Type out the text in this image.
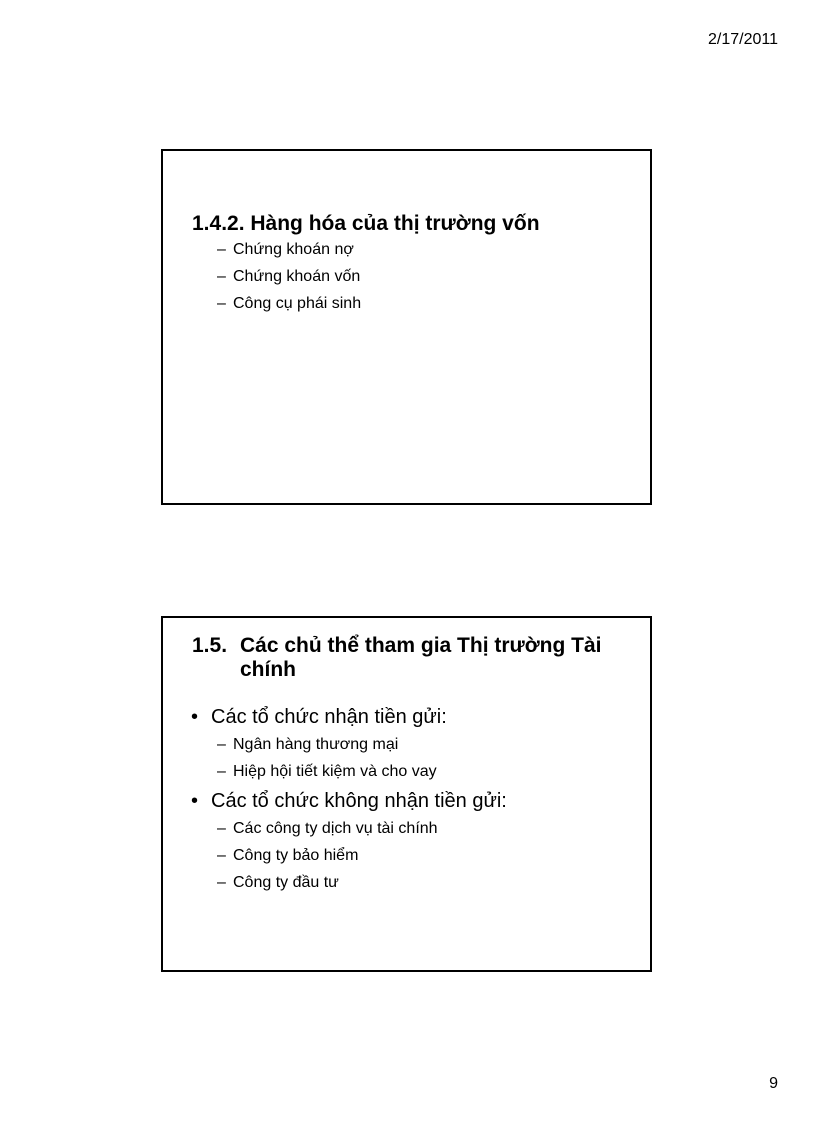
2/17/2011
1.4.2. Hàng hóa của thị trường vốn
– Chứng khoán nợ
– Chứng khoán vốn
– Công cụ phái sinh
1.5. Các chủ thể tham gia Thị trường Tài chính
• Các tổ chức nhận tiền gửi:
– Ngân hàng thương mại
– Hiệp hội tiết kiệm và cho vay
• Các tổ chức không nhận tiền gửi:
– Các công ty dịch vụ tài chính
– Công ty bảo hiểm
– Công ty đầu tư
9
